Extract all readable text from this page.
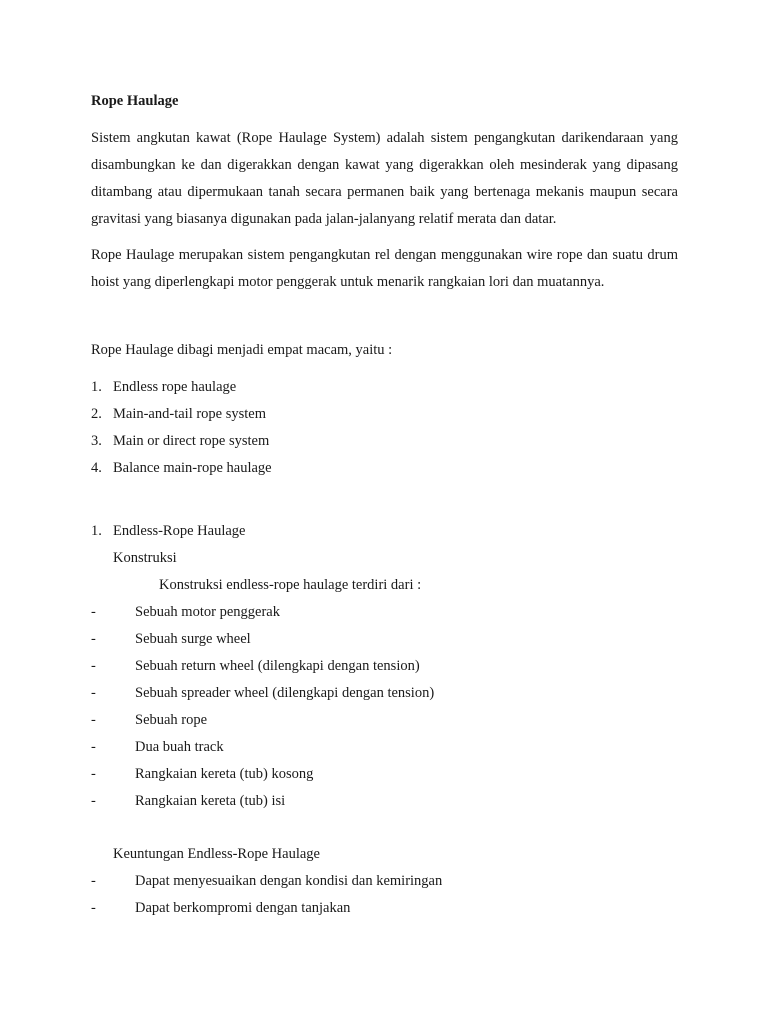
Rope Haulage

Sistem angkutan kawat (Rope Haulage System) adalah sistem pengangkutan darikendaraan yang disambungkan ke dan digerakkan dengan kawat yang digerakkan oleh mesinderak yang dipasang ditambang atau dipermukaan tanah secara permanen baik yang bertenaga mekanis maupun secara gravitasi yang biasanya digunakan pada jalan-jalanyang relatif merata dan datar.

Rope Haulage merupakan sistem pengangkutan rel dengan menggunakan wire rope dan suatu drum hoist yang diperlengkapi motor penggerak untuk menarik rangkaian lori dan muatannya.

Rope Haulage dibagi menjadi empat macam, yaitu :
1. Endless rope haulage
2. Main-and-tail rope system
3. Main or direct rope system
4. Balance main-rope haulage
1. Endless-Rope Haulage
Konstruksi
Konstruksi endless-rope haulage terdiri dari :
-	Sebuah motor penggerak
-	Sebuah surge wheel
-	Sebuah return wheel (dilengkapi dengan tension)
-	Sebuah spreader wheel (dilengkapi dengan tension)
-	Sebuah rope
-	Dua buah track
-	Rangkaian kereta (tub) kosong
-	Rangkaian kereta (tub) isi
Keuntungan Endless-Rope Haulage
-	Dapat menyesuaikan dengan kondisi dan kemiringan
-	Dapat berkompromi dengan tanjakan
